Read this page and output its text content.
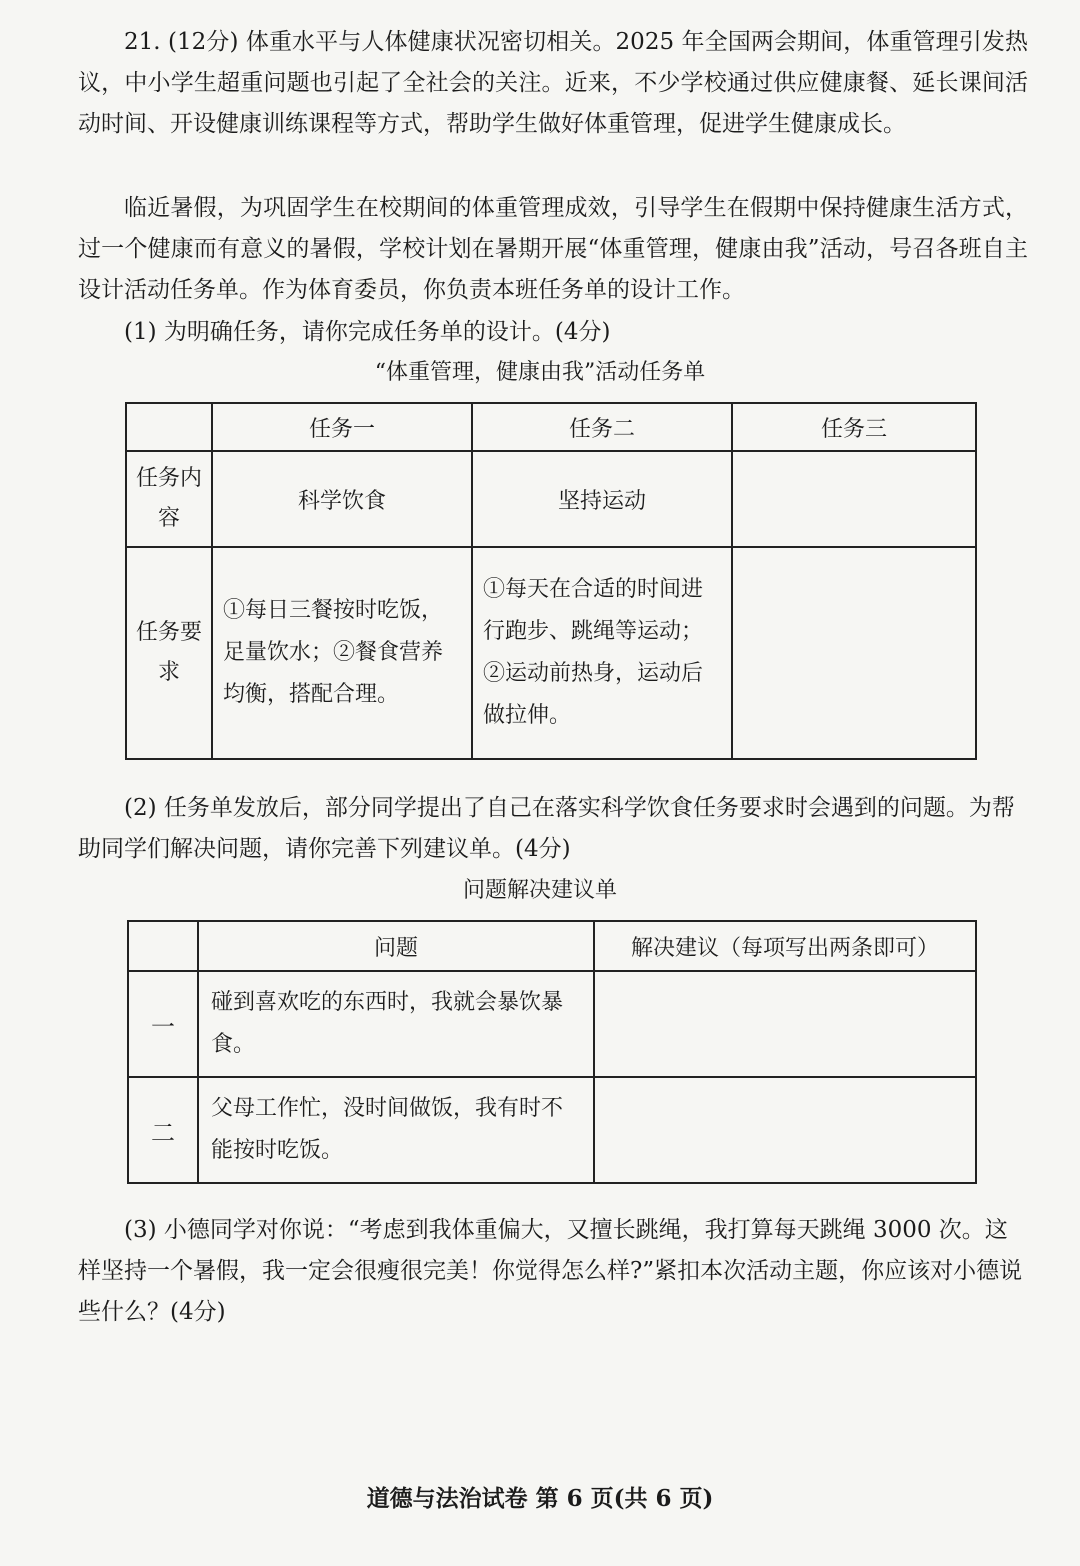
21. (12分) 体重水平与人体健康状况密切相关。2025 年全国两会期间，体重管理引发热议，中小学生超重问题也引起了全社会的关注。近来，不少学校通过供应健康餐、延长课间活动时间、开设健康训练课程等方式，帮助学生做好体重管理，促进学生健康成长。

临近暑假，为巩固学生在校期间的体重管理成效，引导学生在假期中保持健康生活方式，过一个健康而有意义的暑假，学校计划在暑期开展“体重管理，健康由我”活动，号召各班自主设计活动任务单。作为体育委员，你负责本班任务单的设计工作。

(1) 为明确任务，请你完成任务单的设计。(4分)

“体重管理，健康由我”活动任务单

	任务一	任务二	任务三
任务内容	科学饮食	坚持运动	
任务要求	①每日三餐按时吃饭，足量饮水；②餐食营养均衡，搭配合理。	①每天在合适的时间进行跑步、跳绳等运动；②运动前热身，运动后做拉伸。	

(2) 任务单发放后，部分同学提出了自己在落实科学饮食任务要求时会遇到的问题。为帮助同学们解决问题，请你完善下列建议单。(4分)

问题解决建议单

	问题	解决建议（每项写出两条即可）
一	碰到喜欢吃的东西时，我就会暴饮暴食。	
二	父母工作忙，没时间做饭，我有时不能按时吃饭。	

(3) 小德同学对你说：“考虑到我体重偏大，又擅长跳绳，我打算每天跳绳 3000 次。这样坚持一个暑假，我一定会很瘦很完美！你觉得怎么样?”紧扣本次活动主题，你应该对小德说些什么？(4分)

道德与法治试卷 第 6 页(共 6 页)
